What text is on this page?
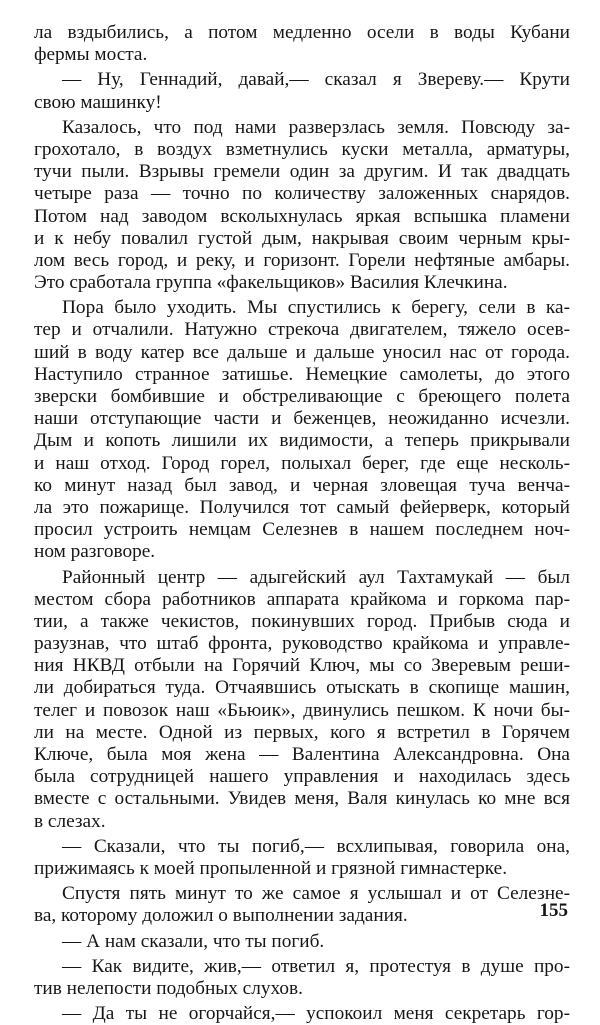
ла вздыбились, а потом медленно осели в воды Кубани
фермы моста.
— Ну, Геннадий, давай,— сказал я Звереву.— Крути
свою машинку!
Казалось, что под нами разверзлась земля. Повсюду за-
грохотало, в воздух взметнулись куски металла, арматуры,
тучи пыли. Взрывы гремели один за другим. И так двадцать
четыре раза — точно по количеству заложенных снарядов.
Потом над заводом всколыхнулась яркая вспышка пламени
и к небу повалил густой дым, накрывая своим черным кры-
лом весь город, и реку, и горизонт. Горели нефтяные амбары.
Это сработала группа «факельщиков» Василия Клечкина.
Пора было уходить. Мы спустились к берегу, сели в ка-
тер и отчалили. Натужно стрекоча двигателем, тяжело осев-
ший в воду катер все дальше и дальше уносил нас от города.
Наступило странное затишье. Немецкие самолеты, до этого
зверски бомбившие и обстреливающие с бреющего полета
наши отступающие части и беженцев, неожиданно исчезли.
Дым и копоть лишили их видимости, а теперь прикрывали
и наш отход. Город горел, полыхал берег, где еще несколь-
ко минут назад был завод, и черная зловещая туча венча-
ла это пожарище. Получился тот самый фейерверк, который
просил устроить немцам Селезнев в нашем последнем ноч-
ном разговоре.
Районный центр — адыгейский аул Тахтамукай — был
местом сбора работников аппарата крайкома и горкома пар-
тии, а также чекистов, покинувших город. Прибыв сюда и
разузнав, что штаб фронта, руководство крайкома и управле-
ния НКВД отбыли на Горячий Ключ, мы со Зверевым реши-
ли добираться туда. Отчаявшись отыскать в скопище машин,
телег и повозок наш «Бьюик», двинулись пешком. К ночи бы-
ли на месте. Одной из первых, кого я встретил в Горячем
Ключе, была моя жена — Валентина Александровна. Она
была сотрудницей нашего управления и находилась здесь
вместе с остальными. Увидев меня, Валя кинулась ко мне вся
в слезах.
— Сказали, что ты погиб,— всхлипывая, говорила она,
прижимаясь к моей пропыленной и грязной гимнастерке.
Спустя пять минут то же самое я услышал и от Селезне-
ва, которому доложил о выполнении задания.
— А нам сказали, что ты погиб.
— Как видите, жив,— ответил я, протестуя в душе про-
тив нелепости подобных слухов.
— Да ты не огорчайся,— успокоил меня секретарь гор-
155
